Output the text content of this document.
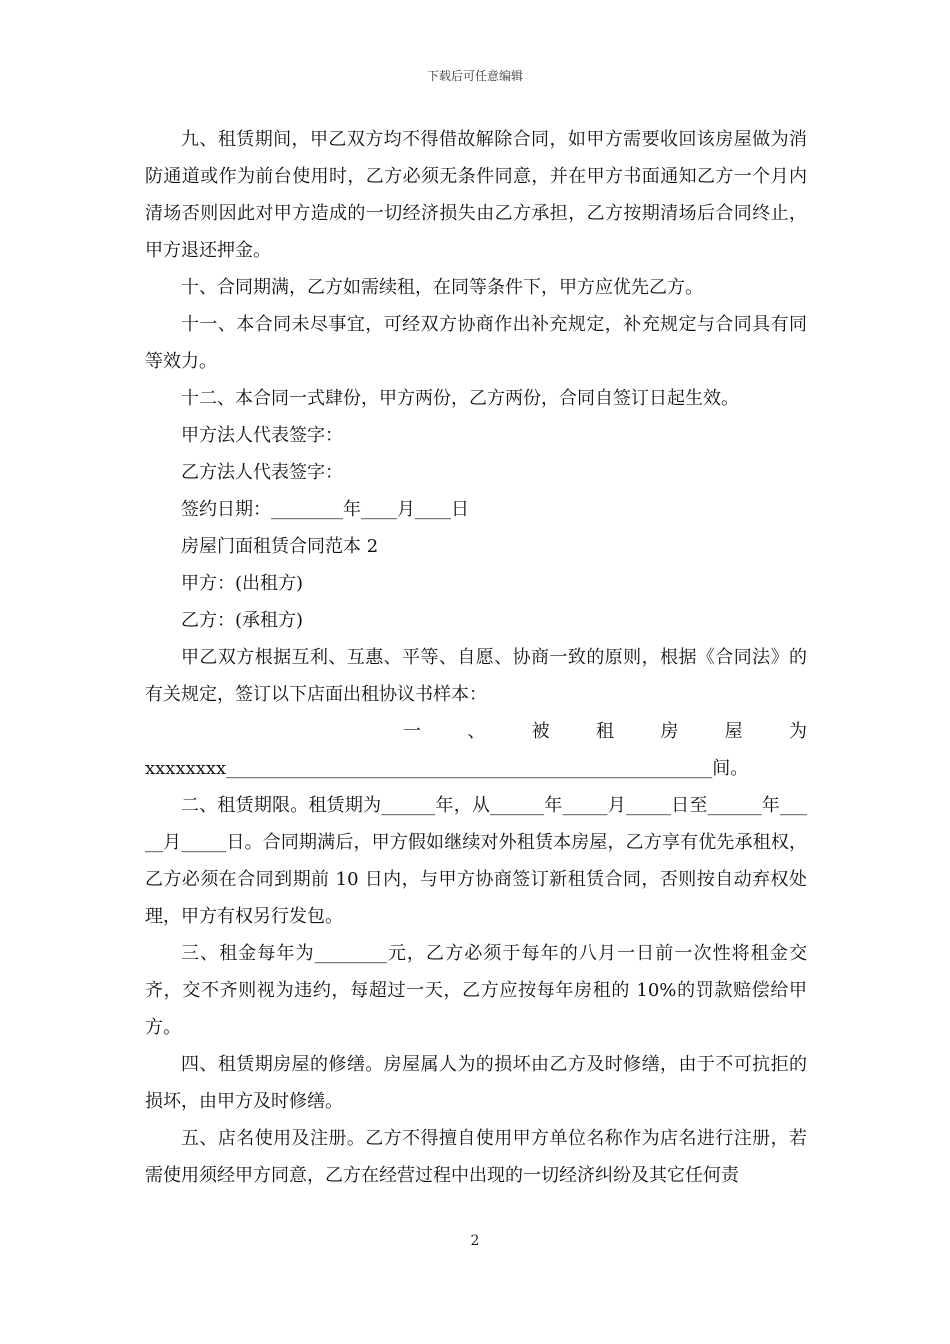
下载后可任意编辑

九、租赁期间，甲乙双方均不得借故解除合同，如甲方需要收回该房屋做为消防通道或作为前台使用时，乙方必须无条件同意，并在甲方书面通知乙方一个月内清场否则因此对甲方造成的一切经济损失由乙方承担，乙方按期清场后合同终止，甲方退还押金。

十、合同期满，乙方如需续租，在同等条件下，甲方应优先乙方。

十一、本合同未尽事宜，可经双方协商作出补充规定，补充规定与合同具有同等效力。

十二、本合同一式肆份，甲方两份，乙方两份，合同自签订日起生效。

甲方法人代表签字：

乙方法人代表签字：

签约日期：________年____月____日

房屋门面租赁合同范本 2

甲方：(出租方)

乙方：(承租方)

甲乙双方根据互利、互惠、平等、自愿、协商一致的原则，根据《合同法》的有关规定，签订以下店面出租协议书样本：

一	、	被	租	房	屋	为

xxxxxxxx______________________________________________________间。

二、租赁期限。租赁期为______年，从______年_____月_____日至______年_____月_____日。合同期满后，甲方假如继续对外租赁本房屋，乙方享有优先承租权，乙方必须在合同到期前 10 日内，与甲方协商签订新租赁合同，否则按自动弃权处理，甲方有权另行发包。

三、租金每年为________元，乙方必须于每年的八月一日前一次性将租金交齐，交不齐则视为违约，每超过一天，乙方应按每年房租的 10%的罚款赔偿给甲方。

四、租赁期房屋的修缮。房屋属人为的损坏由乙方及时修缮，由于不可抗拒的损坏，由甲方及时修缮。

五、店名使用及注册。乙方不得擅自使用甲方单位名称作为店名进行注册，若需使用须经甲方同意，乙方在经营过程中出现的一切经济纠纷及其它任何责

2
